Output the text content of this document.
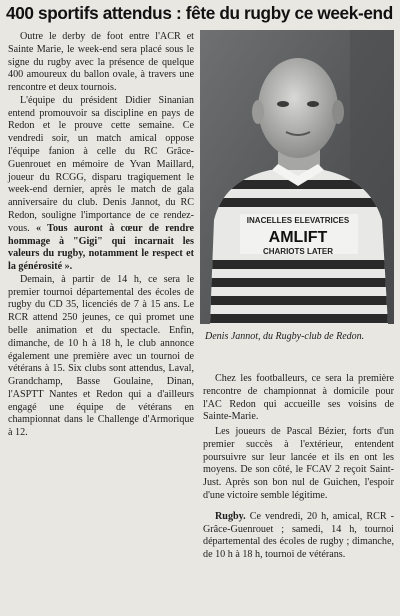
400 sportifs attendus : fête du rugby ce week-end

Outre le derby de foot entre l'ACR et Sainte Marie, le week-end sera placé sous le signe du rugby avec la présence de quelque 400 amoureux du ballon ovale, à travers une rencontre et deux tournois.

L'équipe du président Didier Sinanian entend promouvoir sa discipline en pays de Redon et le prouve cette semaine. Ce vendredi soir, un match amical oppose l'équipe fanion à celle du RC Grâce-Guenrouet en mémoire de Yvan Maillard, joueur du RCGG, disparu tragiquement le week-end dernier, après le match de gala anniversaire du club. Denis Jannot, du RC Redon, souligne l'importance de ce rendez-vous. « Tous auront à cœur de rendre hommage à "Gigi" qui incarnait les valeurs du rugby, notamment le respect et la générosité ».

Demain, à partir de 14 h, ce sera le premier tournoi départemental des écoles de rugby du CD 35, licenciés de 7 à 15 ans. Le RCR attend 250 jeunes, ce qui promet une belle animation et du spectacle. Enfin, dimanche, de 10 h à 18 h, le club annonce également une première avec un tournoi de vétérans à 15. Six clubs sont attendus, Laval, Grandchamp, Basse Goulaine, Dinan, l'ASPTT Nantes et Redon qui a d'ailleurs engagé une équipe de vétérans en championnat dans le Challenge d'Armorique à 12.

INACELLES ELEVATRICES
AMLIFT
CHARIOTS LATER
Denis Jannot, du Rugby-club de Redon.

Chez les footballeurs, ce sera la première rencontre de championnat à domicile pour l'AC Redon qui accueille ses voisins de Sainte-Marie.

Les joueurs de Pascal Bézier, forts d'un premier succès à l'extérieur, entendent poursuivre sur leur lancée et ils en ont les moyens. De son côté, le FCAV 2 reçoit Saint-Just. Après son bon nul de Guichen, l'espoir d'une victoire semble légitime.

Rugby. Ce vendredi, 20 h, amical, RCR - Grâce-Guenrouet ; samedi, 14 h, tournoi départemental des écoles de rugby ; dimanche, de 10 h à 18 h, tournoi de vétérans.
